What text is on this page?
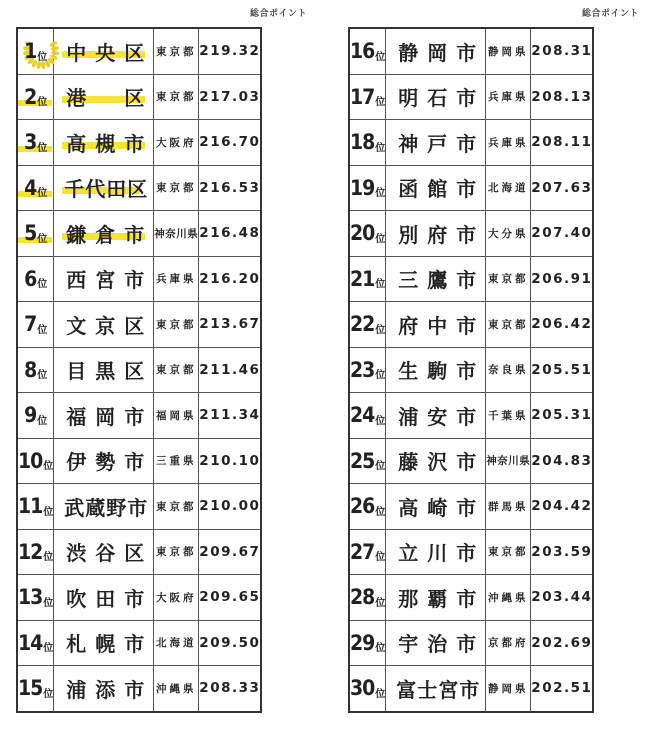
総合ポイント
1 位	中央区	東京都	219.32

2 位	港　区	東京都	217.03

3 位	高槻市	大阪府	216.70

4 位	千代田区	東京都	216.53

5 位	鎌倉市	神奈川県	216.48

6 位	西宮市	兵庫県	216.20

7 位	文京区	東京都	213.67

8 位	目黒区	東京都	211.46

9 位	福岡市	福岡県	211.34

10 位	伊勢市	三重県	210.10

11 位	武蔵野市	東京都	210.00

12 位	渋谷区	東京都	209.67

13 位	吹田市	大阪府	209.65

14 位	札幌市	北海道	209.50

15 位	浦添市	沖縄県	208.33
総合ポイント
16 位	静岡市	静岡県	208.31

17 位	明石市	兵庫県	208.13

18 位	神戸市	兵庫県	208.11

19 位	函館市	北海道	207.63

20 位	別府市	大分県	207.40

21 位	三鷹市	東京都	206.91

22 位	府中市	東京都	206.42

23 位	生駒市	奈良県	205.51

24 位	浦安市	千葉県	205.31

25 位	藤沢市	神奈川県	204.83

26 位	高崎市	群馬県	204.42

27 位	立川市	東京都	203.59

28 位	那覇市	沖縄県	203.44

29 位	宇治市	京都府	202.69

30 位	富士宮市	静岡県	202.51
